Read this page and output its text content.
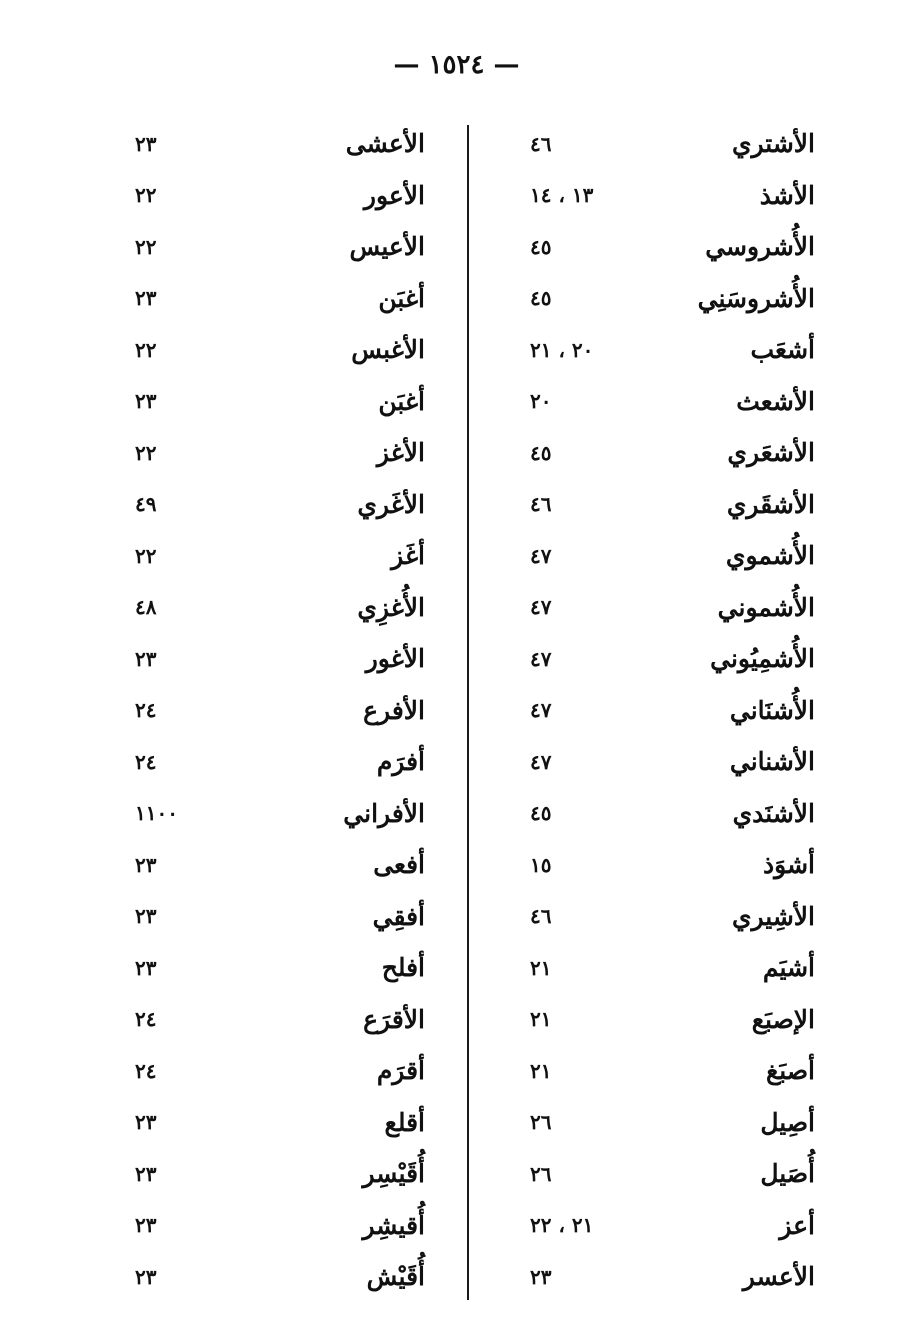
— ١٥٢٤ —
٤٦	الأشتري
١٣ ، ١٤	الأشذ
٤٥	الأُشروسي
٤٥	الأُشروسَنِي
٢٠ ، ٢١	أشعَب
٢٠	الأشعث
٤٥	الأشعَري
٤٦	الأشقَري
٤٧	الأُشموي
٤٧	الأُشموني
٤٧	الأُشمِيُوني
٤٧	الأُشنَاني
٤٧	الأشناني
٤٥	الأشنَدي
١٥	أشوَذ
٤٦	الأشِيري
٢١	أشيَم
٢١	الإصبَع
٢١	أصبَغ
٢٦	أصِيل
٢٦	أُصَيل
٢١ ، ٢٢	أعز
٢٣	الأعسر
٢٣	الأعشى
٢٢	الأعور
٢٢	الأعيس
٢٣	أغبَن
٢٢	الأغبس
٢٣	أغبَن
٢٢	الأغز
٤٩	الأغَري
٢٢	أغَز
٤٨	الأُغزِي
٢٣	الأغور
٢٤	الأفرع
٢٤	أفرَم
١١٠٠	الأفراني
٢٣	أفعى
٢٣	أفقِي
٢٣	أفلح
٢٤	الأقرَع
٢٤	أقرَم
٢٣	أقلع
٢٣	أُقَيْسِر
٢٣	أُقيشِر
٢٣	أُقَيْش
